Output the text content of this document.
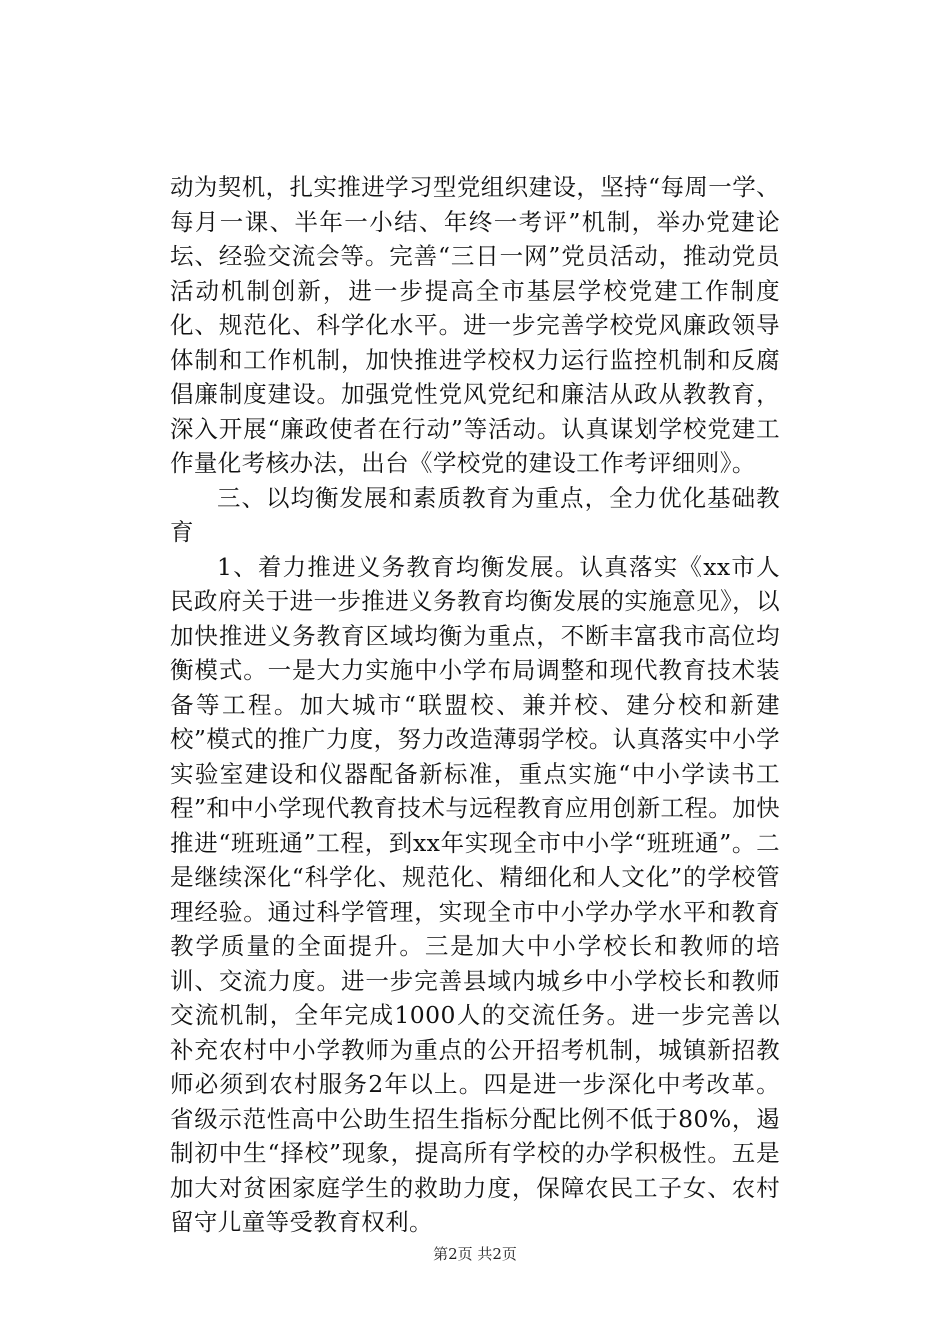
动为契机，扎实推进学习型党组织建设，坚持“每周一学、每月一课、半年一小结、年终一考评”机制，举办党建论坛、经验交流会等。完善“三日一网”党员活动，推动党员活动机制创新，进一步提高全市基层学校党建工作制度化、规范化、科学化水平。进一步完善学校党风廉政领导体制和工作机制，加快推进学校权力运行监控机制和反腐倡廉制度建设。加强党性党风党纪和廉洁从政从教教育，深入开展“廉政使者在行动”等活动。认真谋划学校党建工作量化考核办法，出台《学校党的建设工作考评细则》。

三、以均衡发展和素质教育为重点，全力优化基础教育

1、着力推进义务教育均衡发展。认真落实《xx市人民政府关于进一步推进义务教育均衡发展的实施意见》，以加快推进义务教育区域均衡为重点，不断丰富我市高位均衡模式。一是大力实施中小学布局调整和现代教育技术装备等工程。加大城市“联盟校、兼并校、建分校和新建校”模式的推广力度，努力改造薄弱学校。认真落实中小学实验室建设和仪器配备新标准，重点实施“中小学读书工程”和中小学现代教育技术与远程教育应用创新工程。加快推进“班班通”工程，到xx年实现全市中小学“班班通”。二是继续深化“科学化、规范化、精细化和人文化”的学校管理经验。通过科学管理，实现全市中小学办学水平和教育教学质量的全面提升。三是加大中小学校长和教师的培训、交流力度。进一步完善县域内城乡中小学校长和教师交流机制，全年完成1000人的交流任务。进一步完善以补充农村中小学教师为重点的公开招考机制，城镇新招教师必须到农村服务2年以上。四是进一步深化中考改革。省级示范性高中公助生招生指标分配比例不低于80%，遏制初中生“择校”现象，提高所有学校的办学积极性。五是加大对贫困家庭学生的救助力度，保障农民工子女、农村留守儿童等受教育权利。

第2页 共2页
